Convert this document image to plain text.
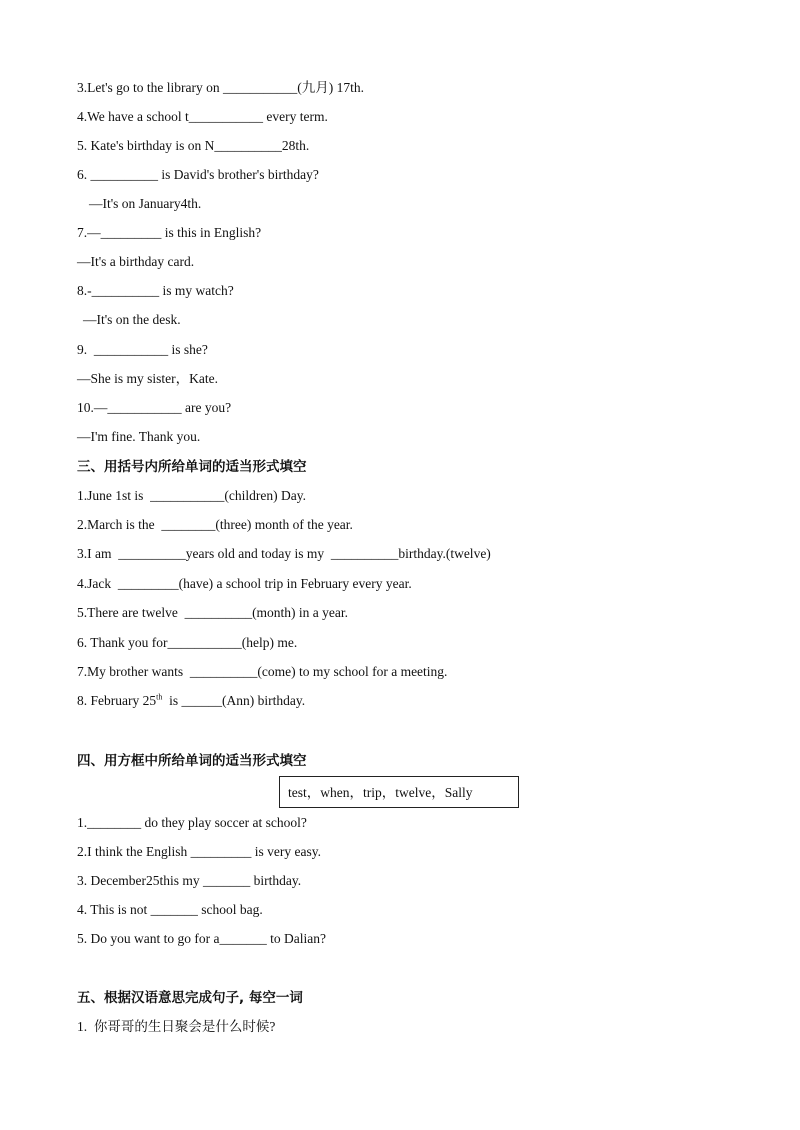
3.Let's go to the library on ___________(九月) 17th.
4.We have a school t___________ every term.
5. Kate's birthday is on N__________28th.
6. __________ is David's brother's birthday?
—It's on January4th.
7.—_________ is this in English?
—It's a birthday card.
8.-__________ is my watch?
—It's on the desk.
9.  ___________ is she?
—She is my sister，Kate.
10.—___________ are you?
—I'm fine. Thank you.
三、用括号内所给单词的适当形式填空
1.June 1st is  ___________(children) Day.
2.March is the  ________(three) month of the year.
3.I am  __________years old and today is my  __________birthday.(twelve)
4.Jack  _________(have) a school trip in February every year.
5.There are twelve  __________(month) in a year.
6. Thank you for___________(help) me.
7.My brother wants  __________(come) to my school for a meeting.
8. February 25th  is ______(Ann) birthday.
四、用方框中所给单词的适当形式填空
test，when，trip，twelve，Sally
1.________ do they play soccer at school?
2.I think the English _________ is very easy.
3. December25this my _______ birthday.
4. This is not _______ school bag.
5. Do you want to go for a_______ to Dalian?
五、根据汉语意思完成句子, 每空一词
1.  你哥哥的生日聚会是什么时候?
